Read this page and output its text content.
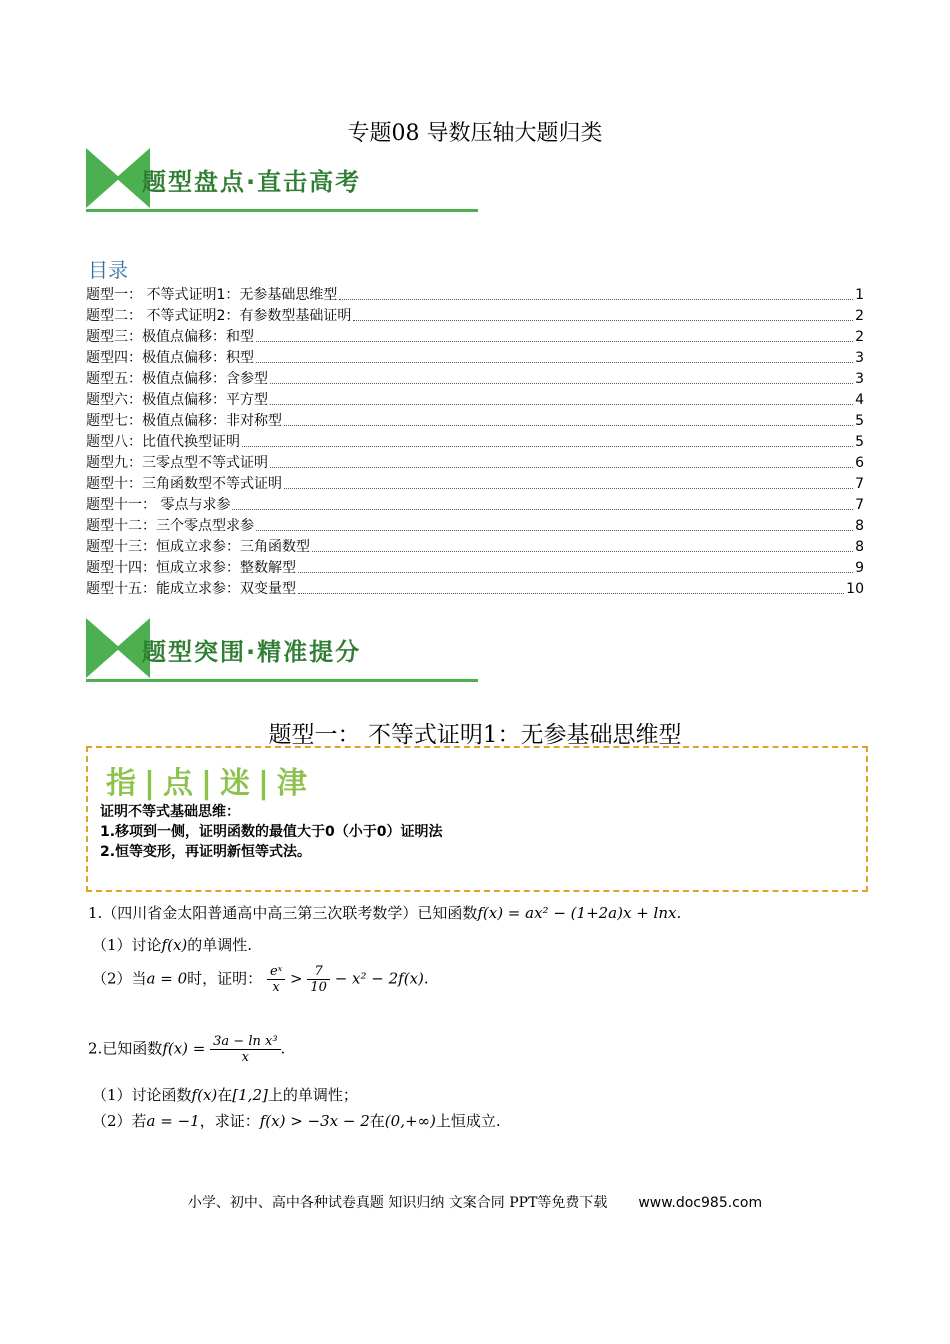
专题08 导数压轴大题归类
题型盘点·直击高考
目录
题型一： 不等式证明1：无参基础思维型	1
题型二： 不等式证明2：有参数型基础证明	2
题型三：极值点偏移：和型	2
题型四：极值点偏移：积型	3
题型五：极值点偏移：含参型	3
题型六：极值点偏移：平方型	4
题型七：极值点偏移：非对称型	5
题型八：比值代换型证明	5
题型九：三零点型不等式证明	6
题型十：三角函数型不等式证明	7
题型十一： 零点与求参	7
题型十二：三个零点型求参	8
题型十三：恒成立求参：三角函数型	8
题型十四：恒成立求参：整数解型	9
题型十五：能成立求参：双变量型	10
题型突围·精准提分
题型一： 不等式证明1：无参基础思维型
指 | 点 | 迷 | 津
证明不等式基础思维：
1.移项到一侧，证明函数的最值大于0（小于0）证明法
2.恒等变形，再证明新恒等式法。
1.（四川省金太阳普通高中高三第三次联考数学）已知函数f(x) = ax² − (1+2a)x + lnx.
（1）讨论f(x)的单调性.
（2）当a = 0时，证明： $\frac{\text{eˣ}}{x} > \frac{7}{10} - x^2 - 2f(x)$.
2.已知函数$f(x) = \frac{\text{3a − ln x³}}{x}$ .
（1）讨论函数f(x)在[1,2]上的单调性；
（2）若a = −1，求证：f(x) > −3x − 2在(0,+∞)上恒成立.
小学、初中、高中各种试卷真题 知识归纳 文案合同 PPT等免费下载 www.doc985.com
